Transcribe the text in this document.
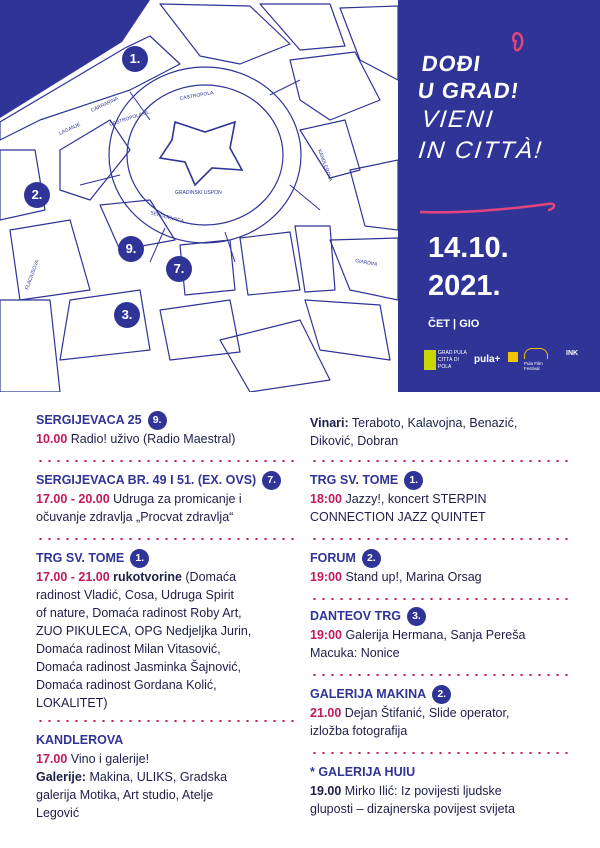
RIVA
CARRARINA
LAGANJE
CASTROPOLA
CASTROPOLA UL.
SERGIJEVACA
GRADINSKI USPON
KANDLEROVA
FLACIUSOVA	GIARDINI
1.
2.
9.
7.
3.
DOĐI
U GRAD!
VIENI
IN CITTÀ!
14.10.
2021.
ČET | GIO
GRAD PULA CITTÀ DI POLA
pula+	Pula Film Festival
INK
SERGIJEVACA 25 9.
10.00 Radio! uživo (Radio Maestral)
SERGIJEVACA BR. 49 I 51. (EX. OVS) 7.
17.00 - 20.00 Udruga za promicanje i
očuvanje zdravlja „Procvat zdravlja“
TRG SV. TOME 1.
17.00 - 21.00 rukotvorine (Domaća
radinost Vladić, Cosa, Udruga Spirit
of nature, Domaća radinost Roby Art,
ZUO PIKULECA, OPG Nedjeljka Jurin,
Domaća radinost Milan Vitasović,
Domaća radinost Jasminka Šajnović,
Domaća radinost Gordana Kolić,
LOKALITET)
KANDLEROVA
17.00 Vino i galerije!
Galerije: Makina, ULIKS, Gradska
galerija Motika, Art studio, Atelje
Legović
Vinari: Teraboto, Kalavojna, Benazić,
Diković, Dobran
TRG SV. TOME 1.
18:00 Jazzy!, koncert STERPIN
CONNECTION JAZZ QUINTET
FORUM 2.
19:00 Stand up!, Marina Orsag
DANTEOV TRG 3.
19:00 Galerija Hermana, Sanja Pereša
Macuka: Nonice
GALERIJA MAKINA 2.
21.00 Dejan Štifanić, Slide operator,
izložba fotografija
* GALERIJA HUIU
19.00 Mirko Ilić: Iz povijesti ljudske
gluposti – dizajnerska povijest svijeta
